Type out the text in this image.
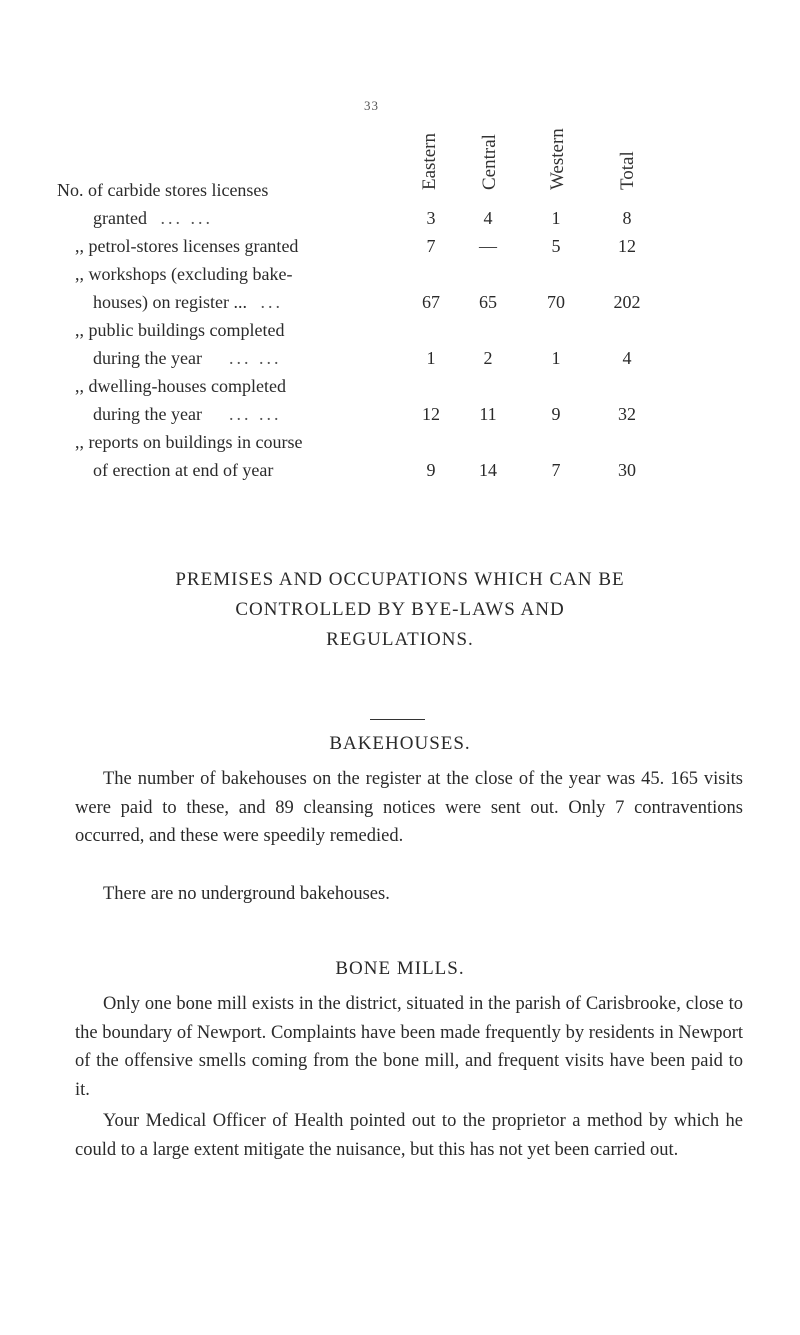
33
Eastern Central Western	Total
No. of carbide stores licenses
granted ... ...	3	4	1	8
,, petrol-stores licenses granted	7	—	5	12
,, workshops (excluding bake-
houses) on register ... ...	67	65	70	202
,, public buildings completed
during the year ... ...	1	2	1	4
,, dwelling-houses completed
during the year ... ...	12	11	9	32
,, reports on buildings in course
of erection at end of year	9	14	7	30
PREMISES AND OCCUPATIONS WHICH CAN BE
CONTROLLED BY BYE-LAWS AND
REGULATIONS.
BAKEHOUSES.
The number of bakehouses on the register at the close of the year was 45. 165 visits were paid to these, and 89 cleansing notices were sent out. Only 7 contraventions occurred, and these were speedily remedied.
There are no underground bakehouses.
BONE MILLS.
Only one bone mill exists in the district, situated in the parish of Carisbrooke, close to the boundary of Newport. Complaints have been made frequently by residents in Newport of the offensive smells coming from the bone mill, and frequent visits have been paid to it.
Your Medical Officer of Health pointed out to the proprietor a method by which he could to a large extent mitigate the nuisance, but this has not yet been carried out.
